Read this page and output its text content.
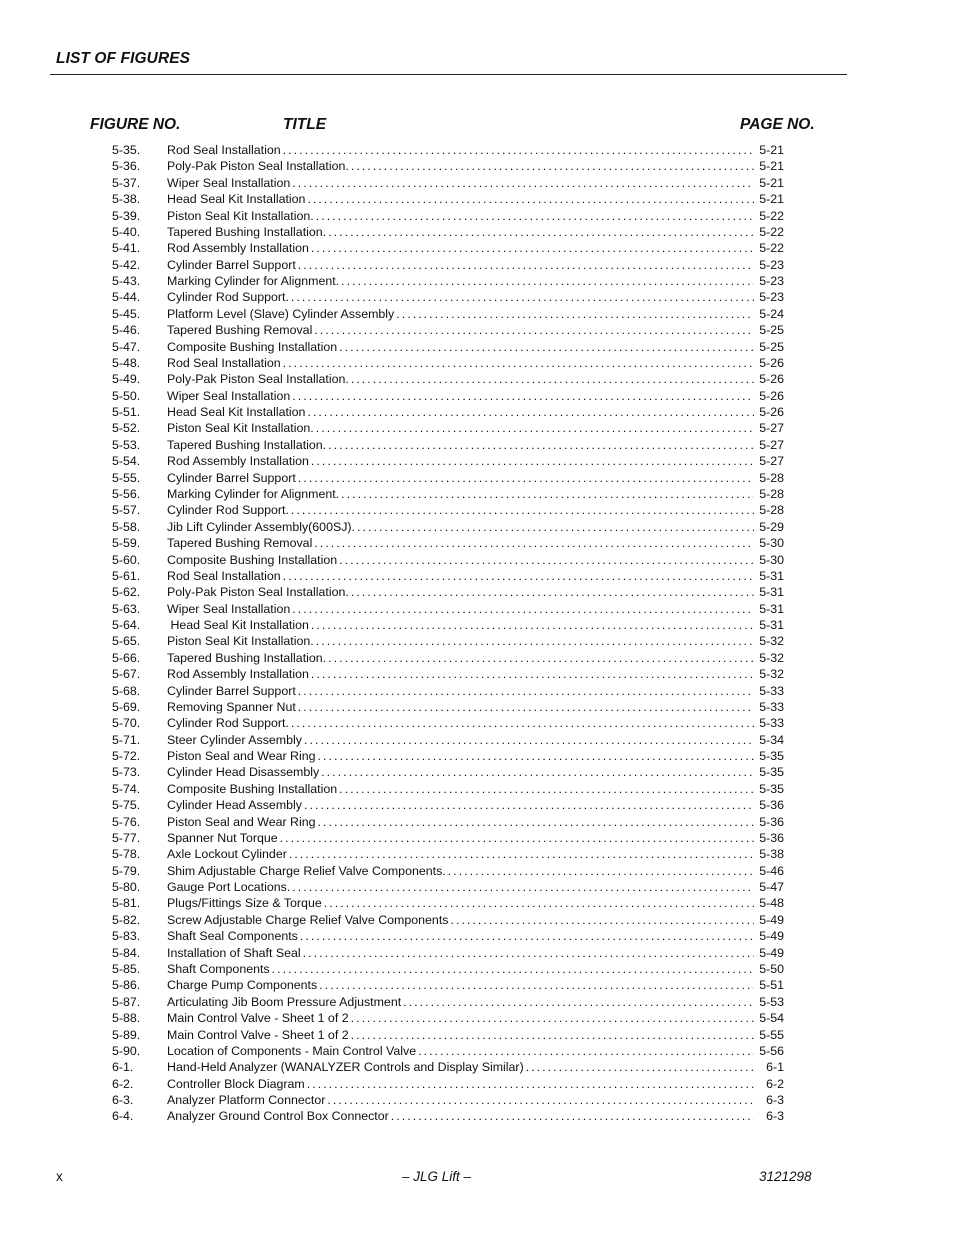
LIST OF FIGURES
FIGURE NO.	TITLE	PAGE NO.
5-35. Rod Seal Installation . . .	5-21
5-36. Poly-Pak Piston Seal Installation. . . .	5-21
5-37. Wiper Seal Installation . . .	5-21
5-38. Head Seal Kit Installation . . .	5-21
5-39. Piston Seal Kit Installation. . . .	5-22
5-40. Tapered Bushing Installation. . . .	5-22
5-41. Rod Assembly Installation . . .	5-22
5-42. Cylinder Barrel Support . . .	5-23
5-43. Marking Cylinder for Alignment. . . .	5-23
5-44. Cylinder Rod Support. . . .	5-23
5-45. Platform Level (Slave) Cylinder Assembly . . .	5-24
5-46. Tapered Bushing Removal . . .	5-25
5-47. Composite Bushing Installation . . .	5-25
5-48. Rod Seal Installation . . .	5-26
5-49. Poly-Pak Piston Seal Installation. . . .	5-26
5-50. Wiper Seal Installation . . .	5-26
5-51. Head Seal Kit Installation . . .	5-26
5-52. Piston Seal Kit Installation. . . .	5-27
5-53. Tapered Bushing Installation. . . .	5-27
5-54. Rod Assembly Installation . . .	5-27
5-55. Cylinder Barrel Support . . .	5-28
5-56. Marking Cylinder for Alignment. . . .	5-28
5-57. Cylinder Rod Support. . . .	5-28
5-58. Jib Lift Cylinder Assembly(600SJ). . . .	5-29
5-59. Tapered Bushing Removal . . .	5-30
5-60. Composite Bushing Installation . . .	5-30
5-61. Rod Seal Installation . . .	5-31
5-62. Poly-Pak Piston Seal Installation. . . .	5-31
5-63. Wiper Seal Installation . . .	5-31
5-64. Head Seal Kit Installation . . .	5-31
5-65. Piston Seal Kit Installation. . . .	5-32
5-66. Tapered Bushing Installation. . . .	5-32
5-67. Rod Assembly Installation . . .	5-32
5-68. Cylinder Barrel Support . . .	5-33
5-69. Removing Spanner Nut . . .	5-33
5-70. Cylinder Rod Support. . . .	5-33
5-71. Steer Cylinder Assembly . . .	5-34
5-72. Piston Seal and Wear Ring . . .	5-35
5-73. Cylinder Head Disassembly . . .	5-35
5-74. Composite Bushing Installation . . .	5-35
5-75. Cylinder Head Assembly . . .	5-36
5-76. Piston Seal and Wear Ring . . .	5-36
5-77. Spanner Nut Torque . . .	5-36
5-78. Axle Lockout Cylinder . . .	5-38
5-79. Shim Adjustable Charge Relief Valve Components. . . .	5-46
5-80. Gauge Port Locations. . . .	5-47
5-81. Plugs/Fittings Size & Torque . . .	5-48
5-82. Screw Adjustable Charge Relief Valve Components . . .	5-49
5-83. Shaft Seal Components . . .	5-49
5-84. Installation of Shaft Seal . . .	5-49
5-85. Shaft Components . . .	5-50
5-86. Charge Pump Components . . .	5-51
5-87. Articulating Jib Boom Pressure Adjustment . . .	5-53
5-88. Main Control Valve - Sheet 1 of 2 . . .	5-54
5-89. Main Control Valve - Sheet 1 of 2 . . .	5-55
5-90. Location of Components - Main Control Valve . . .	5-56
6-1.	Hand-Held Analyzer (WANALYZER Controls and Display Similar) . . .	6-1
6-2.	Controller Block Diagram . . .	6-2
6-3.	Analyzer Platform Connector . . .	6-3
6-4.	Analyzer Ground Control Box Connector . . .	6-3
x	– JLG Lift –	3121298
